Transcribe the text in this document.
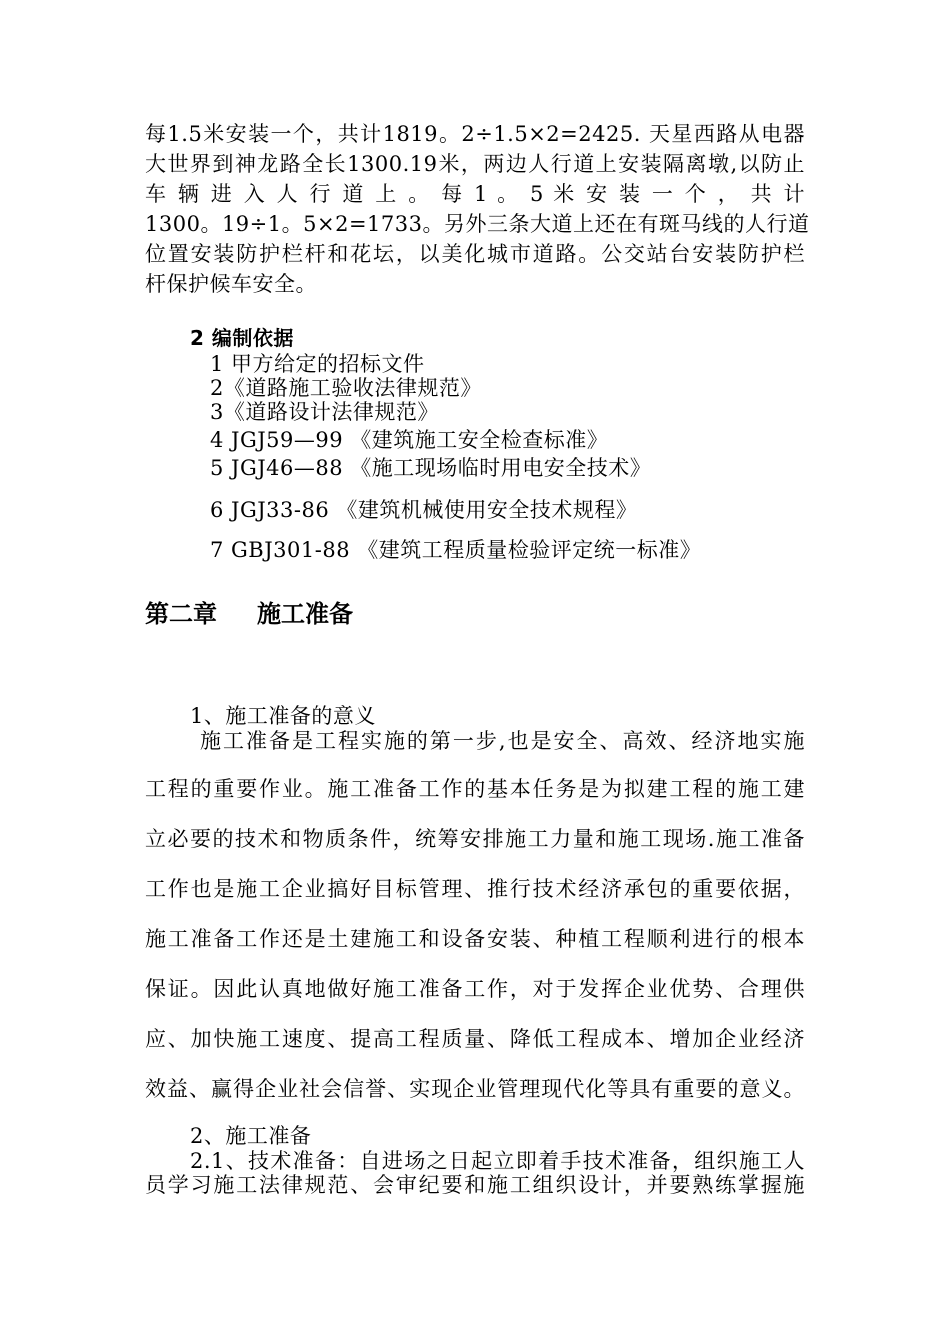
每1.5米安装一个，共计1819。2÷1.5×2=2425. 天星西路从电器
大世界到神龙路全长1300.19米，两边人行道上安装隔离墩,以防止
车 辆 进 入 人 行 道 上 。 每 1 。 5 米 安 装 一 个 ， 共 计
1300。19÷1。5×2=1733。另外三条大道上还在有斑马线的人行道
位置安装防护栏杆和花坛，以美化城市道路。公交站台安装防护栏
杆保护候车安全。
2 编制依据
1 甲方给定的招标文件
2《道路施工验收法律规范》
3《道路设计法律规范》
4 JGJ59—99 《建筑施工安全检查标准》
5 JGJ46—88 《施工现场临时用电安全技术》
6 JGJ33-86 《建筑机械使用安全技术规程》
7 GBJ301-88 《建筑工程质量检验评定统一标准》
第二章 施工准备
1、施工准备的意义
施工准备是工程实施的第一步,也是安全、高效、经济地实施
工程的重要作业。施工准备工作的基本任务是为拟建工程的施工建
立必要的技术和物质条件，统筹安排施工力量和施工现场.施工准备
工作也是施工企业搞好目标管理、推行技术经济承包的重要依据，
施工准备工作还是土建施工和设备安装、种植工程顺利进行的根本
保证。因此认真地做好施工准备工作，对于发挥企业优势、合理供
应、加快施工速度、提高工程质量、降低工程成本、增加企业经济
效益、赢得企业社会信誉、实现企业管理现代化等具有重要的意义。
2、施工准备
2.1、技术准备：自进场之日起立即着手技术准备，组织施工人
员学习施工法律规范、会审纪要和施工组织设计，并要熟练掌握施
